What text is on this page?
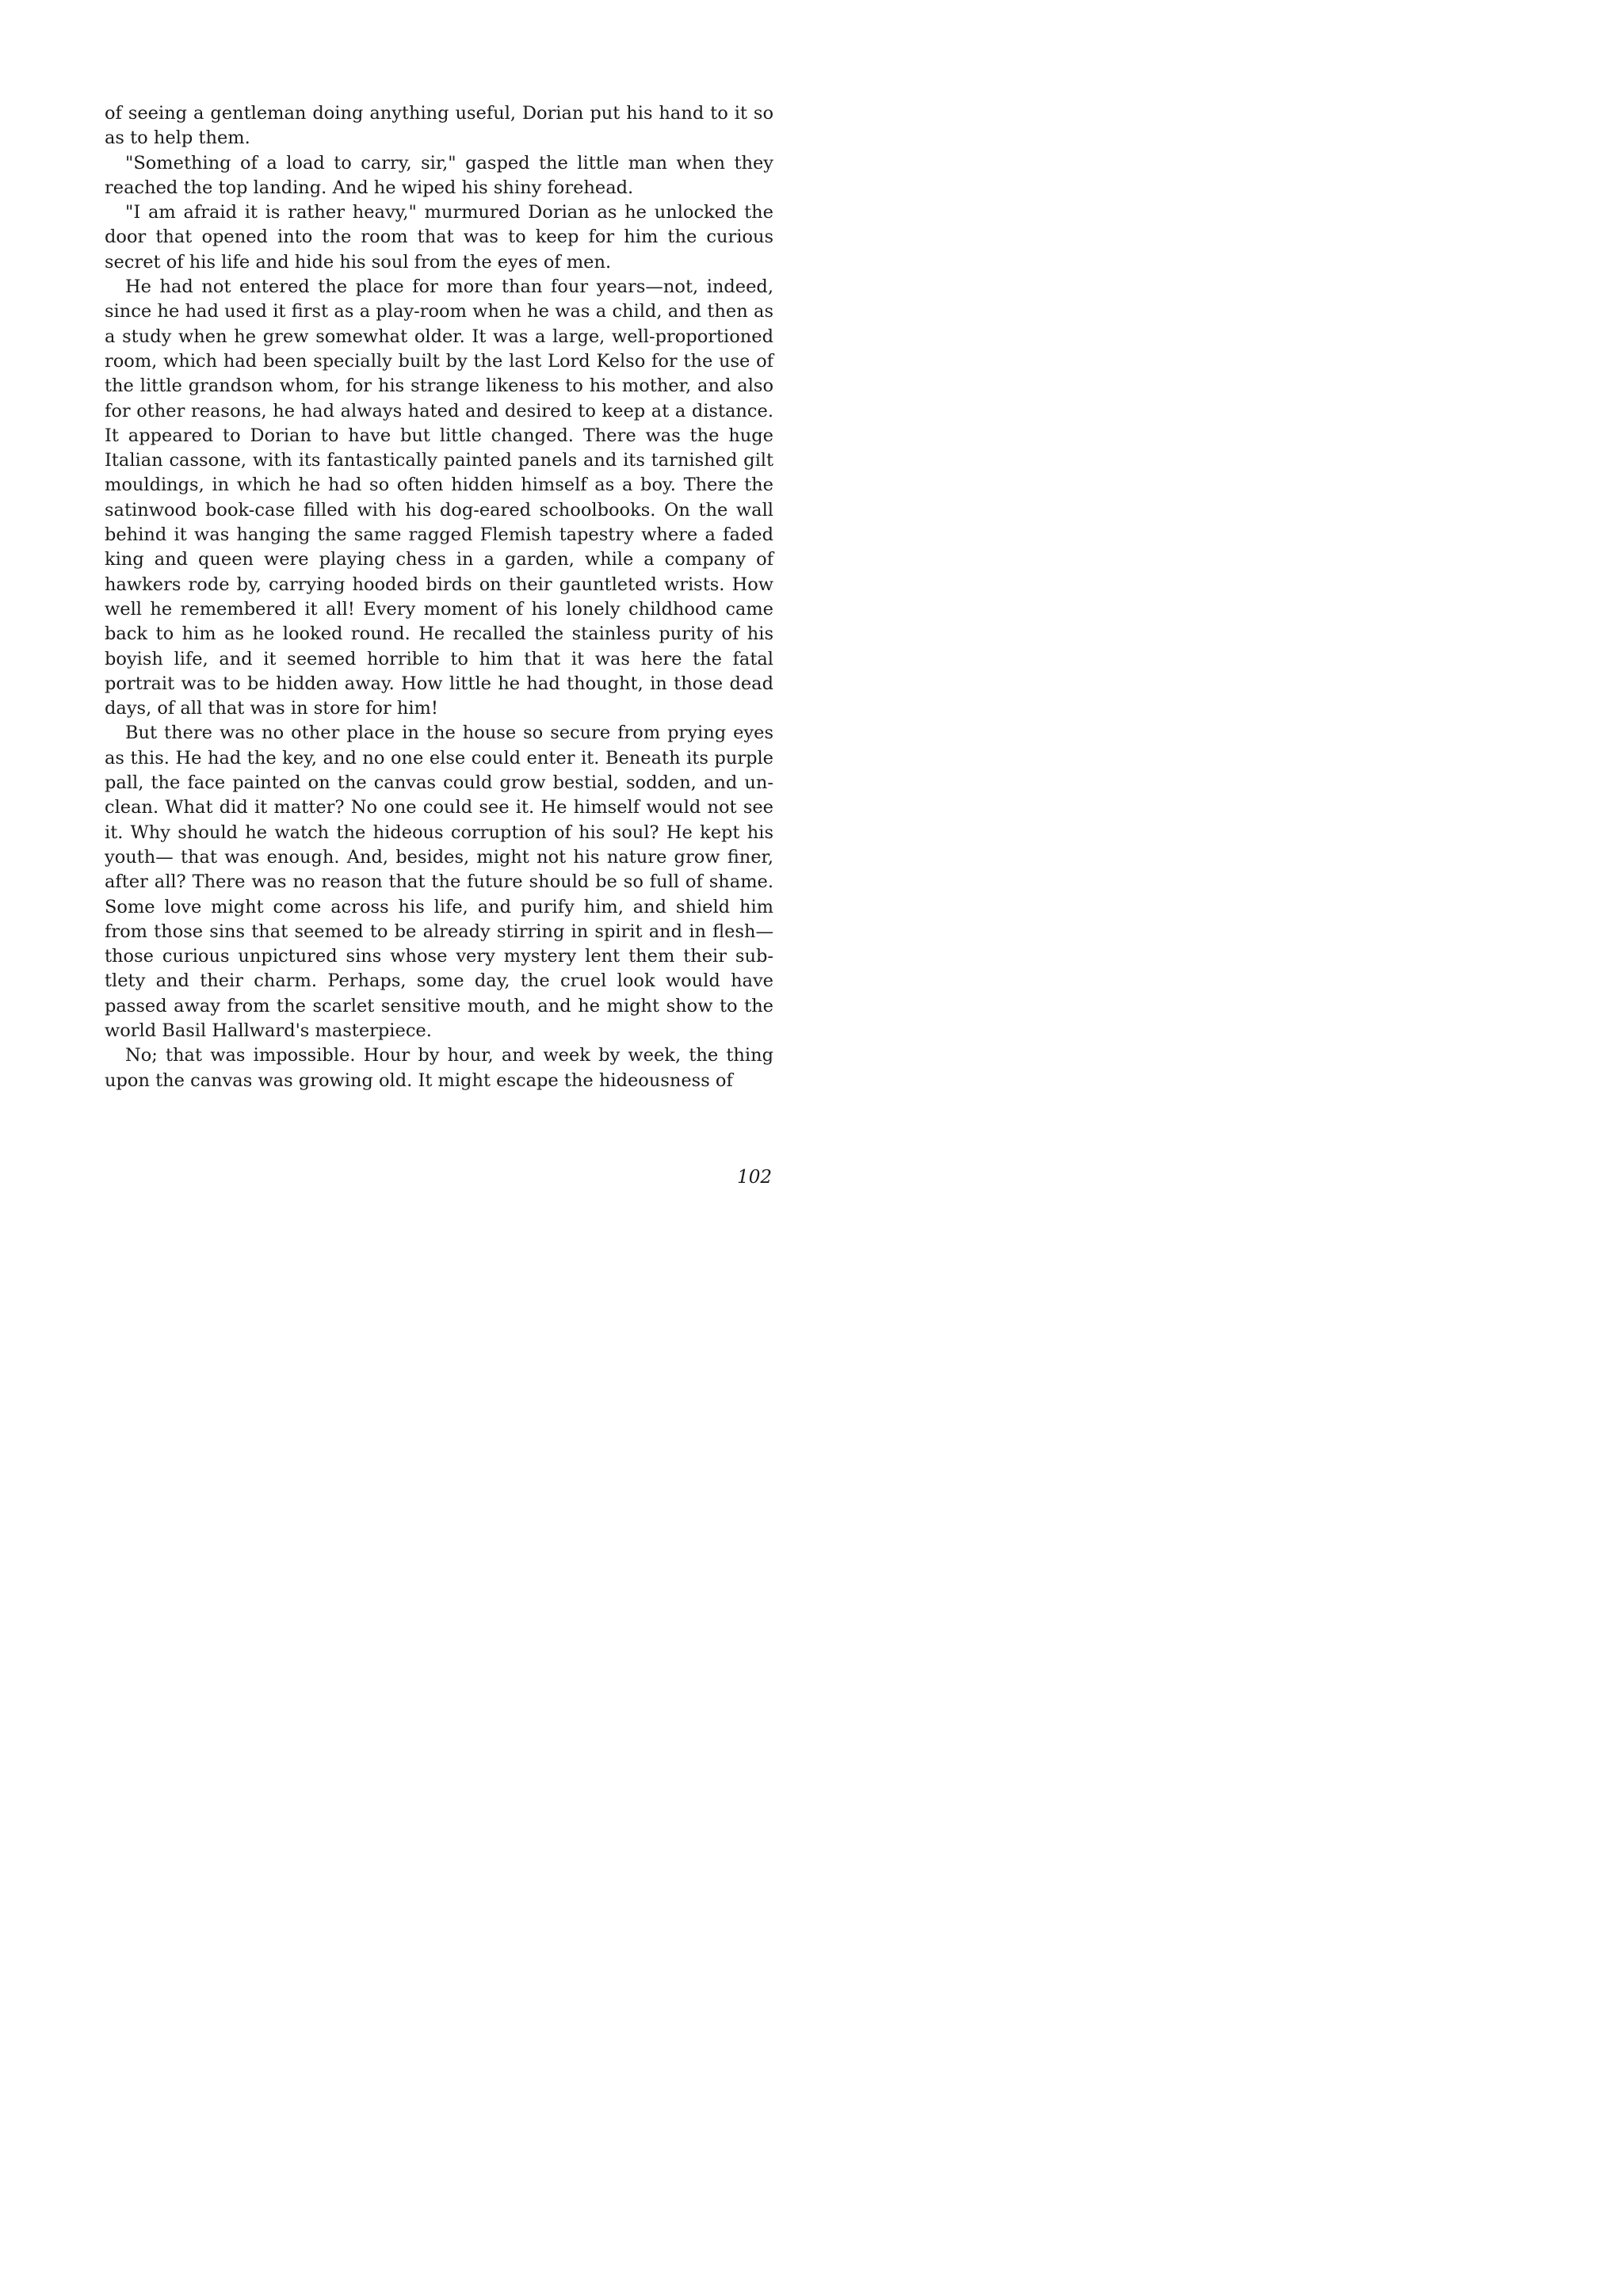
of seeing a gentleman doing anything useful, Dorian put his hand to it so as to help them.

"Something of a load to carry, sir," gasped the little man when they reached the top landing. And he wiped his shiny forehead.

"I am afraid it is rather heavy," murmured Dorian as he unlocked the door that opened into the room that was to keep for him the curious secret of his life and hide his soul from the eyes of men.

He had not entered the place for more than four years—not, indeed, since he had used it first as a play-room when he was a child, and then as a study when he grew somewhat older. It was a large, well-proportioned room, which had been specially built by the last Lord Kelso for the use of the little grandson whom, for his strange likeness to his mother, and also for other reasons, he had always hated and desired to keep at a distance. It appeared to Dorian to have but little changed. There was the huge Italian cassone, with its fantastically painted panels and its tarnished gilt mouldings, in which he had so often hidden himself as a boy. There the satinwood book-case filled with his dog-eared schoolbooks. On the wall behind it was hanging the same ragged Flemish tapestry where a faded king and queen were playing chess in a garden, while a company of hawkers rode by, carrying hooded birds on their gauntleted wrists. How well he remembered it all! Every moment of his lonely childhood came back to him as he looked round. He recalled the stainless purity of his boyish life, and it seemed horrible to him that it was here the fatal portrait was to be hidden away. How little he had thought, in those dead days, of all that was in store for him!

But there was no other place in the house so secure from prying eyes as this. He had the key, and no one else could enter it. Beneath its purple pall, the face painted on the canvas could grow bestial, sodden, and unclean. What did it matter? No one could see it. He himself would not see it. Why should he watch the hideous corruption of his soul? He kept his youth— that was enough. And, besides, might not his nature grow finer, after all? There was no reason that the future should be so full of shame. Some love might come across his life, and purify him, and shield him from those sins that seemed to be already stirring in spirit and in flesh— those curious unpictured sins whose very mystery lent them their subtlety and their charm. Perhaps, some day, the cruel look would have passed away from the scarlet sensitive mouth, and he might show to the world Basil Hallward's masterpiece.

No; that was impossible. Hour by hour, and week by week, the thing upon the canvas was growing old. It might escape the hideousness of

102
